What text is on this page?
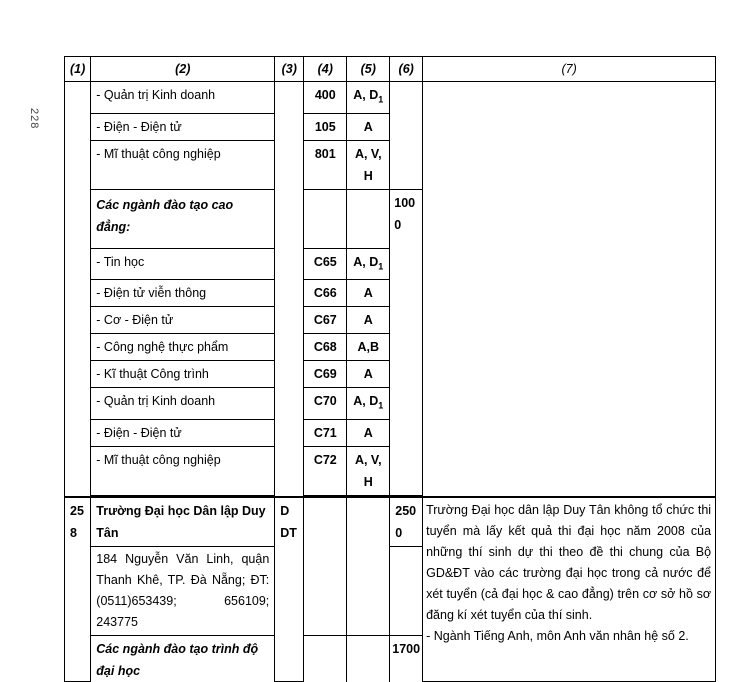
228
(1)	(2)	(3)	(4)	(5)	(6)	(7)
	- Quản trị Kinh doanh		400	A, $D_1$		
	- Điện - Điện tử		105	A		
	- Mĩ thuật công nghiệp		801	A, V, H		
	Các ngành đào tạo cao đẳng:				1000	
	- Tin học		C65	A, $D_1$
	- Điện tử viễn thông		C66	A		
	- Cơ - Điện tử		C67	A		
	- Công nghệ thực phẩm		C68	A,B		
	- Kĩ thuật Công trình		C69	A		
	- Quản trị Kinh doanh		C70	A, $D_1$
	- Điện - Điện tử		C71	A		
	- Mĩ thuật công nghiệp		C72	A, V, H		

258	Trường Đại học Dân lập Duy Tân	DDT			2500	Trường Đại học dân lập Duy Tân không tổ chức thi tuyển mà lấy kết quả thi đại học năm 2008 của những thí sinh dự thi theo đề thi chung của Bộ GD&ĐT vào các trường đại học trong cả nước để xét tuyển (cả đại học & cao đẳng) trên cơ sở hồ sơ đăng kí xét tuyển của thí sinh.
- Ngành Tiếng Anh, môn Anh văn nhân hệ số 2.

	184 Nguyễn Văn Linh, quận Thanh Khê, TP. Đà Nẵng; ĐT: (0511)653439; 656109; 243775					
	Các ngành đào tạo trình độ đại học				1700	
